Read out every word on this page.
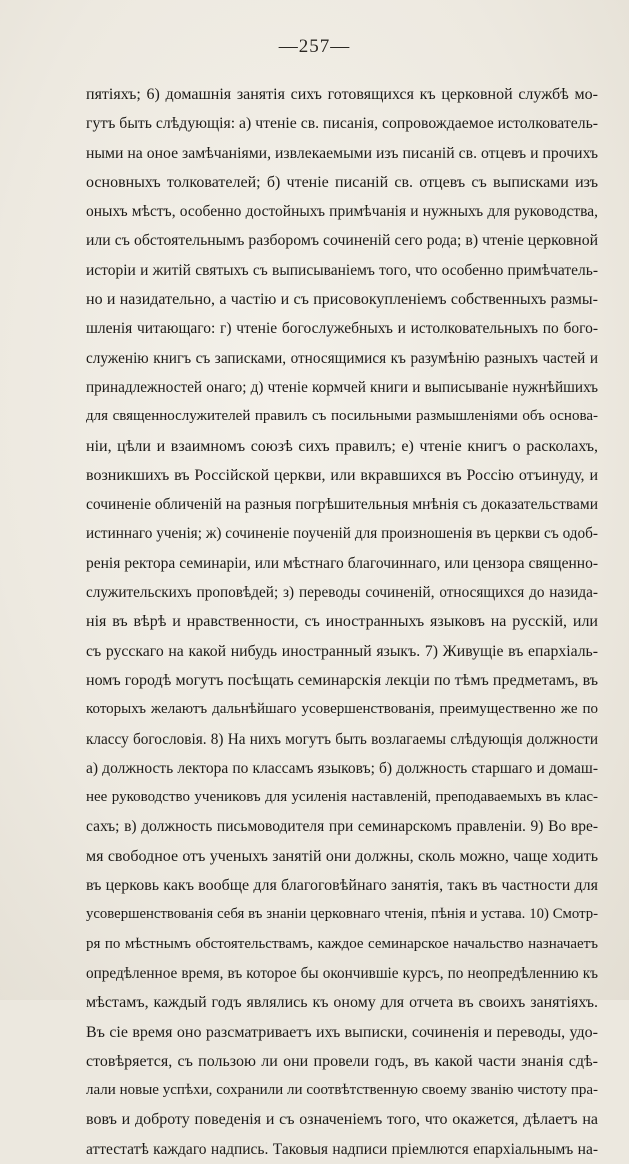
—257—
пятіяхъ; 6) домашнія занятія сихъ готовящихся къ церковной службѣ мо-
гутъ быть слѣдующія: а) чтеніе св. писанія, сопровождаемое истолкователь-
ными на оное замѣчаніями, извлекаемыми изъ писаній св. отцевъ и прочихъ
основныхъ толкователей; б) чтеніе писаній св. отцевъ съ выписками изъ
оныхъ мѣстъ, особенно достойныхъ примѣчанія и нужныхъ для руководства,
или съ обстоятельнымъ разборомъ сочиненій сего рода; в) чтеніе церковной
исторіи и житій святыхъ съ выписываніемъ того, что особенно примѣчатель-
но и назидательно, а частію и съ присовокупленіемъ собственныхъ размы-
шленія читающаго: г) чтеніе богослужебныхъ и истолковательныхъ по бого-
служенію книгъ съ записками, относящимися къ разумѣнію разныхъ частей и
принадлежностей онаго; д) чтеніе кормчей книги и выписываніе нужнѣйшихъ
для священнослужителей правилъ съ посильными размышленіями объ основа-
ніи, цѣли и взаимномъ союзѣ сихъ правилъ; е) чтеніе книгъ о расколахъ,
возникшихъ въ Россійской церкви, или вкравшихся въ Россію отъинуду, и
сочиненіе обличеній на разныя погрѣшительныя мнѣнія съ доказательствами
истиннаго ученія; ж) сочиненіе поученій для произношенія въ церкви съ одоб-
ренія ректора семинаріи, или мѣстнаго благочиннаго, или цензора священно-
служительскихъ проповѣдей; з) переводы сочиненій, относящихся до назида-
нія въ вѣрѣ и нравственности, съ иностранныхъ языковъ на русскій, или
съ русскаго на какой нибудь иностранный языкъ. 7) Живущіе въ епархіаль-
номъ городѣ могутъ посѣщать семинарскія лекціи по тѣмъ предметамъ, въ
которыхъ желаютъ дальнѣйшаго усовершенствованія, преимущественно же по
классу богословія. 8) На нихъ могутъ быть возлагаемы слѣдующія должности
а) должность лектора по классамъ языковъ; б) должность старшаго и домаш-
нее руководство учениковъ для усиленія наставленій, преподаваемыхъ въ клас-
сахъ; в) должность письмоводителя при семинарскомъ правленіи. 9) Во вре-
мя свободное отъ ученыхъ занятій они должны, сколь можно, чаще ходить
въ церковь какъ вообще для благоговѣйнаго занятія, такъ въ частности для
усовершенствованія себя въ знаніи церковнаго чтенія, пѣнія и устава. 10) Смотр-
ря по мѣстнымъ обстоятельствамъ, каждое семинарское начальство назначаетъ
опредѣленное время, въ которое бы окончившіе курсъ, по неопредѣленнию къ
мѣстамъ, каждый годъ являлись къ оному для отчета въ своихъ занятіяхъ.
Въ сіе время оно разсматриваетъ ихъ выписки, сочиненія и переводы, удо-
стовѣряется, съ пользою ли они провели годъ, въ какой части знанія сдѣ-
лали новые успѣхи, сохранили ли соотвѣтственную своему званію чистоту пра-
вовъ и доброту поведенія и съ означеніемъ того, что окажется, дѣлаетъ на
аттестатѣ каждаго надпись. Таковыя надписи пріемлются епархіальнымъ на-
